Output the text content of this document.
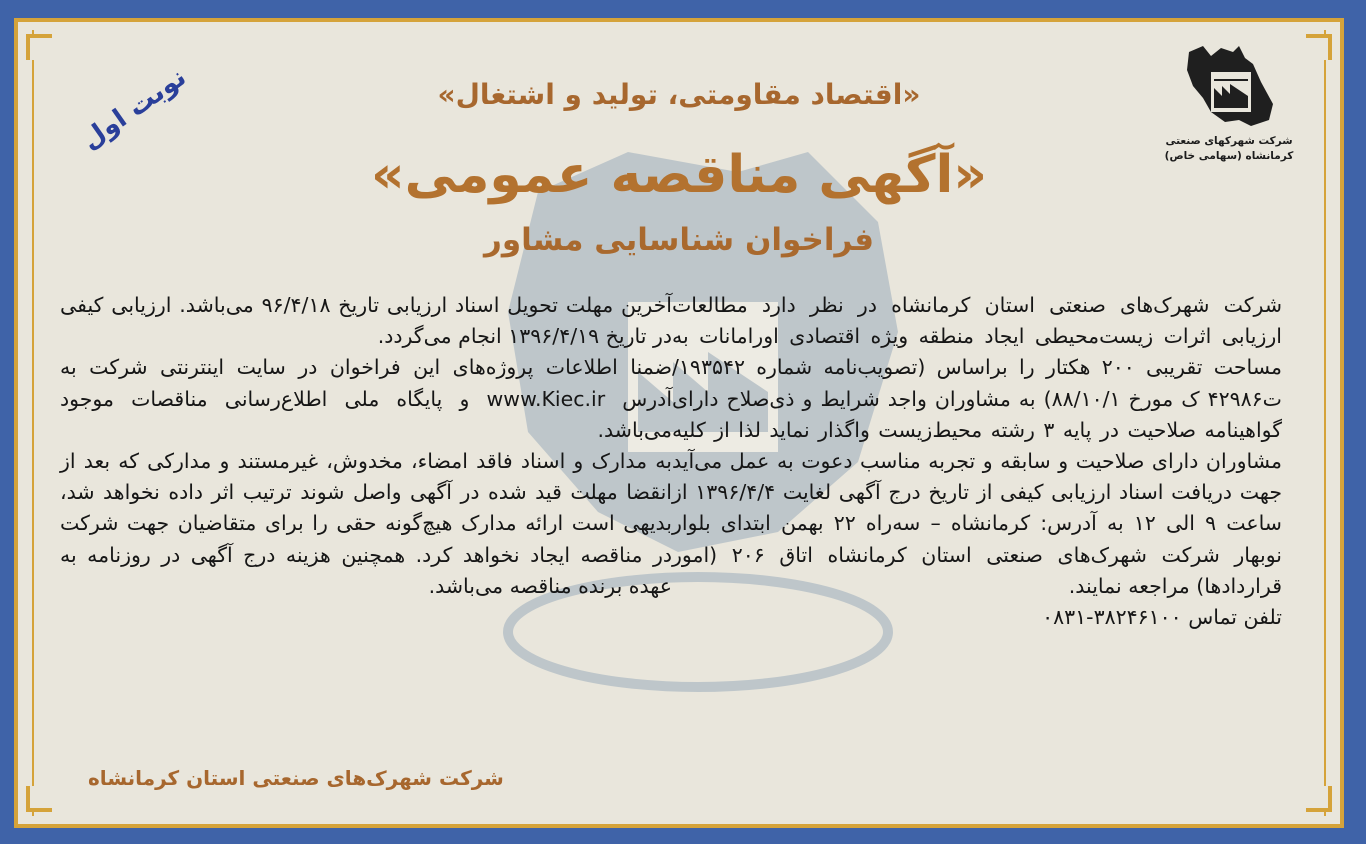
شرکت شهرکهای صنعتی
کرمانشاه (سهامی خاص)
نوبت اول	«اقتصاد مقاومتی، تولید و اشتغال»
«آگهی مناقصه عمومی»
فراخوان شناسایی مشاور

شرکت شهرک‌های صنعتی استان کرمانشاه در نظر دارد مطالعات ارزیابی اثرات زیست‌محیطی ایجاد منطقه ویژه اقتصادی اورامانات به مساحت تقریبی ۲۰۰ هکتار را براساس (تصویب‌نامه شماره ۱۹۳۵۴۲/ت۴۲۹۸۶ ک مورخ ۸۸/۱۰/۱) به مشاوران واجد شرایط و ذی‌صلاح دارای گواهینامه صلاحیت در پایه ۳ رشته محیط‌زیست واگذار نماید لذا از کلیه مشاوران دارای صلاحیت و سابقه و تجربه مناسب دعوت به عمل می‌آید جهت دریافت اسناد ارزیابی کیفی از تاریخ درج آگهی لغایت ۱۳۹۶/۴/۴ از ساعت ۹ الی ۱۲ به آدرس: کرمانشاه – سه‌راه ۲۲ بهمن ابتدای بلوار نوبهار شرکت شهرک‌های صنعتی استان کرمانشاه اتاق ۲۰۶ (امور قراردادها) مراجعه نمایند.

تلفن تماس ۳۸۲۴۶۱۰۰-۰۸۳۱

آخرین مهلت تحویل اسناد ارزیابی تاریخ ۹۶/۴/۱۸ می‌باشد. ارزیابی کیفی در تاریخ ۱۳۹۶/۴/۱۹ انجام می‌گردد.

ضمنا اطلاعات پروژه‌های این فراخوان در سایت اینترنتی شرکت به آدرس www.Kiec.ir و پایگاه ملی اطلاع‌رسانی مناقصات موجود می‌باشد.

به مدارک و اسناد فاقد امضاء، مخدوش، غیرمستند و مدارکی که بعد از انقضا مهلت قید شده در آگهی واصل شوند ترتیب اثر داده نخواهد شد، بدیهی است ارائه مدارک هیچ‌گونه حقی را برای متقاضیان جهت شرکت در مناقصه ایجاد نخواهد کرد. همچنین هزینه درج آگهی در روزنامه به عهده برنده مناقصه می‌باشد.

شرکت شهرک‌های صنعتی استان کرمانشاه
